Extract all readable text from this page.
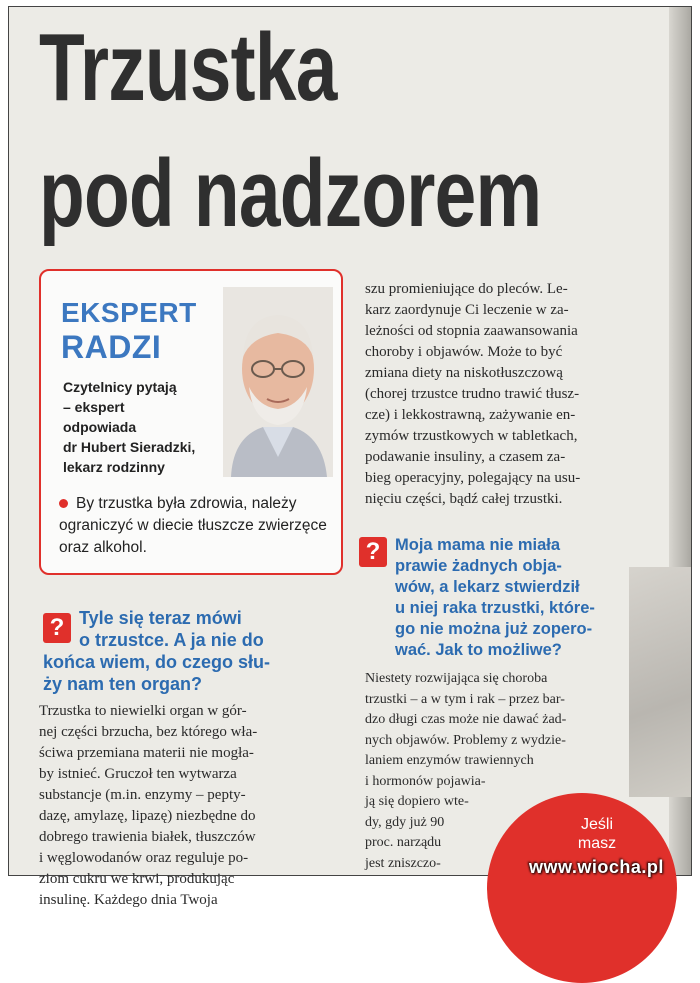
Trzustka
pod nadzorem
EKSPERT
RADZI
Czytelnicy pytają
– ekspert
odpowiada
dr Hubert Sieradzki,
lekarz rodzinny
By trzustka była zdrowia, należy ograniczyć w diecie tłuszcze zwierzęce oraz alkohol.
szu promieniujące do pleców. Le-
karz zaordynuje Ci leczenie w za-
leżności od stopnia zaawansowania
choroby i objawów. Może to być
zmiana diety na niskotłuszczową
(chorej trzustce trudno trawić tłusz-
cze) i lekkostrawną, zażywanie en-
zymów trzustkowych w tabletkach,
podawanie insuliny, a czasem za-
bieg operacyjny, polegający na usu-
nięciu części, bądź całej trzustki.
? Moja mama nie miała
prawie żadnych obja-
wów, a lekarz stwierdził
u niej raka trzustki, które-
go nie można już zopero-
wać. Jak to możliwe?
Niestety rozwijająca się choroba
trzustki – a w tym i rak – przez bar-
dzo długi czas może nie dawać żad-
nych objawów. Problemy z wydzie-
laniem enzymów trawiennych
i hormonów pojawia-
ją się dopiero wte-
dy, gdy już 90
proc. narządu
jest zniszczo-
? Tyle się teraz mówi
o trzustce. A ja nie do
końca wiem, do czego słu-
ży nam ten organ?
Trzustka to niewielki organ w gór-
nej części brzucha, bez którego wła-
ściwa przemiana materii nie mogła-
by istnieć. Gruczoł ten wytwarza
substancje (m.in. enzymy – pepty-
dazę, amylazę, lipazę) niezbędne do
dobrego trawienia białek, tłuszczów
i węglowodanów oraz reguluje po-
ziom cukru we krwi, produkując
insulinę. Każdego dnia Twoja
Jeśli
masz
www.wiocha.pl
